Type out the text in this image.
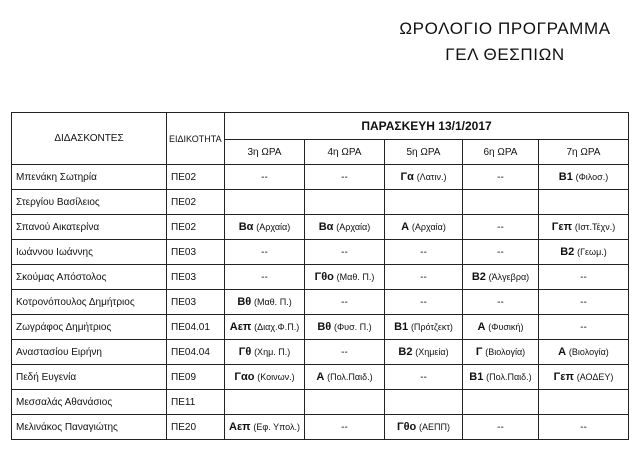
ΩΡΟΛΟΓΙΟ ΠΡΟΓΡΑΜΜΑ
ΓΕΛ ΘΕΣΠΙΩΝ
ΔΙΔΑΣΚΟΝΤΕΣ	ΕΙΔΙΚΟΤΗΤΑ	ΠΑΡΑΣΚΕΥΗ 13/1/2017				
		3η ΩΡΑ	4η ΩΡΑ	5η ΩΡΑ	6η ΩΡΑ	7η ΩΡΑ
Μπενάκη Σωτηρία	ΠΕ02	--	--	Γα (Λατιν.)	--	Β1 (Φιλοσ.)
Στεργίου Βασίλειος	ΠΕ02					
Σπανού Αικατερίνα	ΠΕ02	Βα (Αρχαία)	Βα (Αρχαία)	Α (Αρχαία)	--	Γεπ (Ιστ.Τέχν.)
Ιωάννου Ιωάννης	ΠΕ03	--	--	--	--	Β2 (Γεωμ.)
Σκούμας Απόστολος	ΠΕ03	--	Γθο (Μαθ. Π.)	--	Β2 (Άλγεβρα)	--
Κοτρονόπουλος Δημήτριος	ΠΕ03	Βθ (Μαθ. Π.)	--	--	--	--
Ζωγράφος Δημήτριος	ΠΕ04.01	Αεπ (Διαχ.Φ.Π.)	Βθ (Φυσ. Π.)	Β1 (Πρότζεκτ)	Α (Φυσική)	--
Αναστασίου Ειρήνη	ΠΕ04.04	Γθ (Χημ. Π.)	--	Β2 (Χημεία)	Γ (Βιολογία)	Α (Βιολογία)
Πεδή Ευγενία	ΠΕ09	Γαο (Κοινων.)	Α (Πολ.Παιδ.)	--	Β1 (Πολ.Παιδ.)	Γεπ (ΑΟΔΕΥ)
Μεσσαλάς Αθανάσιος	ΠΕ11					
Μελινάκος Παναγιώτης	ΠΕ20	Αεπ (Εφ. Υπολ.)	--	Γθο (ΑΕΠΠ)	--	--
